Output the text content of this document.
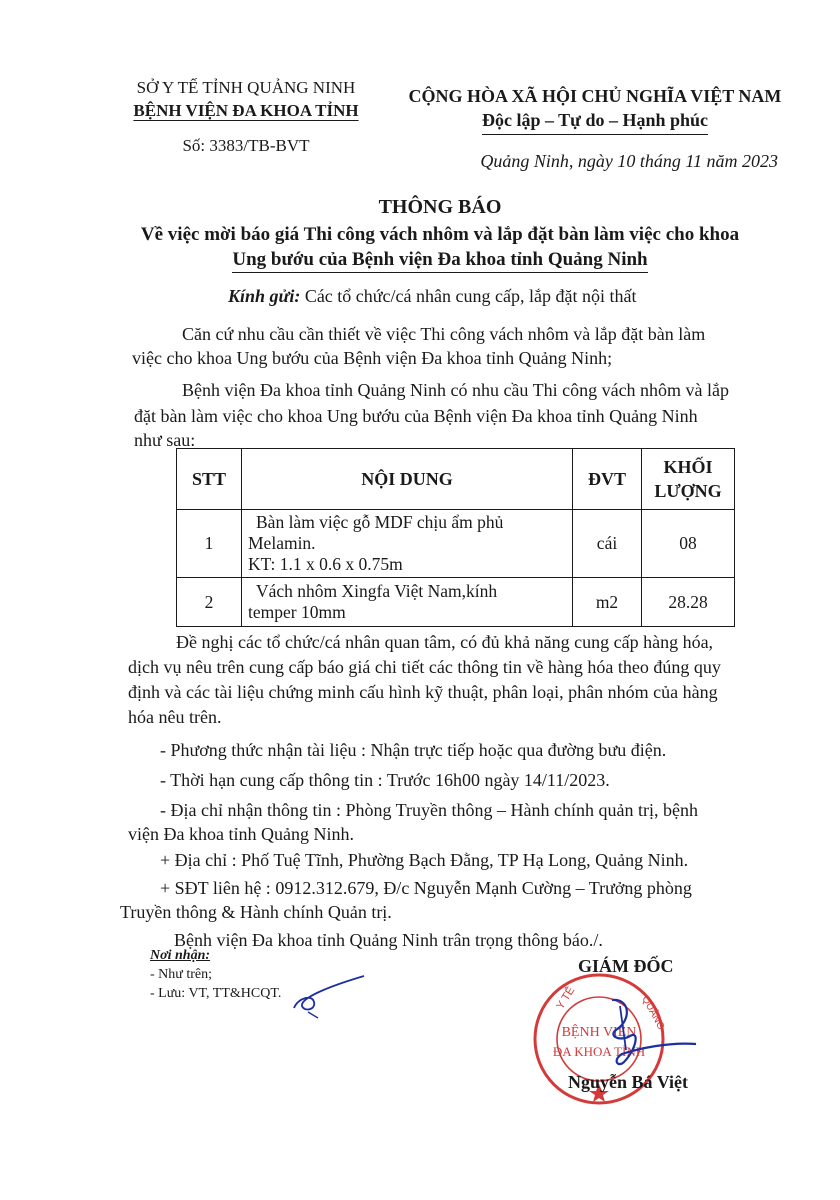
SỞ Y TẾ TỈNH QUẢNG NINH
BỆNH VIỆN ĐA KHOA TỈNH
Số: 3383/TB-BVT
CỘNG HÒA XÃ HỘI CHỦ NGHĨA VIỆT NAM
Độc lập – Tự do – Hạnh phúc
Quảng Ninh, ngày 10 tháng 11 năm 2023
THÔNG BÁO
Về việc mời báo giá Thi công vách nhôm và lắp đặt bàn làm việc cho khoa
Ung bướu của Bệnh viện Đa khoa tỉnh Quảng Ninh
Kính gửi: Các tổ chức/cá nhân cung cấp, lắp đặt nội thất
Căn cứ nhu cầu cần thiết về việc Thi công vách nhôm và lắp đặt bàn làm
việc cho khoa Ung bướu của Bệnh viện Đa khoa tỉnh Quảng Ninh;
Bệnh viện Đa khoa tỉnh Quảng Ninh có nhu cầu Thi công vách nhôm và lắp
đặt bàn làm việc cho khoa Ung bướu của Bệnh viện Đa khoa tỉnh Quảng Ninh
như sau:
STT	NỘI DUNG	ĐVT	KHỐI
LƯỢNG

1	Bàn làm việc gỗ MDF chịu ẩm phủ
Melamin.
KT: 1.1 x 0.6 x 0.75m	cái	08
2	Vách nhôm Xingfa Việt Nam,kính
temper 10mm	m2	28.28
Đề nghị các tổ chức/cá nhân quan tâm, có đủ khả năng cung cấp hàng hóa,
dịch vụ nêu trên cung cấp báo giá chi tiết các thông tin về hàng hóa theo đúng quy
định và các tài liệu chứng minh cấu hình kỹ thuật, phân loại, phân nhóm của hàng
hóa nêu trên.
- Phương thức nhận tài liệu : Nhận trực tiếp hoặc qua đường bưu điện.
- Thời hạn cung cấp thông tin : Trước 16h00 ngày 14/11/2023.
- Địa chỉ nhận thông tin : Phòng Truyền thông – Hành chính quản trị, bệnh
viện Đa khoa tỉnh Quảng Ninh.
+ Địa chỉ : Phố Tuệ Tĩnh, Phường Bạch Đằng, TP Hạ Long, Quảng Ninh.
+ SĐT liên hệ : 0912.312.679, Đ/c Nguyễn Mạnh Cường – Trưởng phòng
Truyền thông & Hành chính Quản trị.
Bệnh viện Đa khoa tỉnh Quảng Ninh trân trọng thông báo./.
Nơi nhận:
- Như trên;
- Lưu: VT, TT&HCQT.
GIÁM ĐỐC
Y TẾ	QUẢNG
BỆNH VIỆN
ĐA KHOA TỈNH
Nguyễn Bá Việt
